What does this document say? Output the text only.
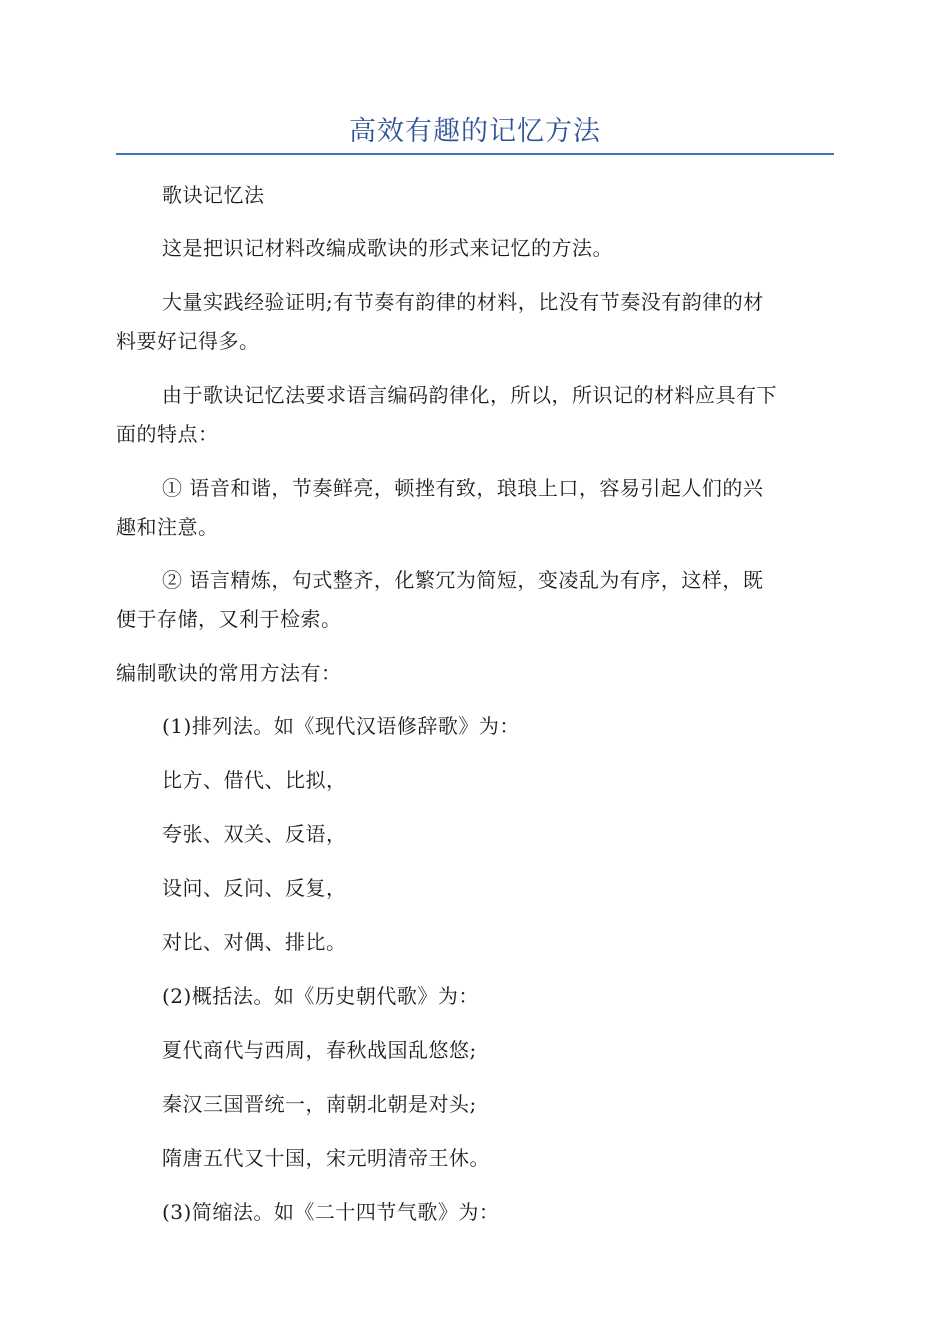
高效有趣的记忆方法
歌诀记忆法
这是把识记材料改编成歌诀的形式来记忆的方法。
大量实践经验证明;有节奏有韵律的材料，比没有节奏没有韵律的材
料要好记得多。
由于歌诀记忆法要求语言编码韵律化，所以，所识记的材料应具有下
面的特点：
① 语音和谐，节奏鲜亮，顿挫有致，琅琅上口，容易引起人们的兴
趣和注意。
② 语言精炼，句式整齐，化繁冗为简短，变凌乱为有序，这样，既
便于存储，又利于检索。
编制歌诀的常用方法有：
(1)排列法。如《现代汉语修辞歌》为：
比方、借代、比拟，
夸张、双关、反语，
设问、反问、反复，
对比、对偶、排比。
(2)概括法。如《历史朝代歌》为：
夏代商代与西周，春秋战国乱悠悠;
秦汉三国晋统一，南朝北朝是对头;
隋唐五代又十国，宋元明清帝王休。
(3)简缩法。如《二十四节气歌》为：
